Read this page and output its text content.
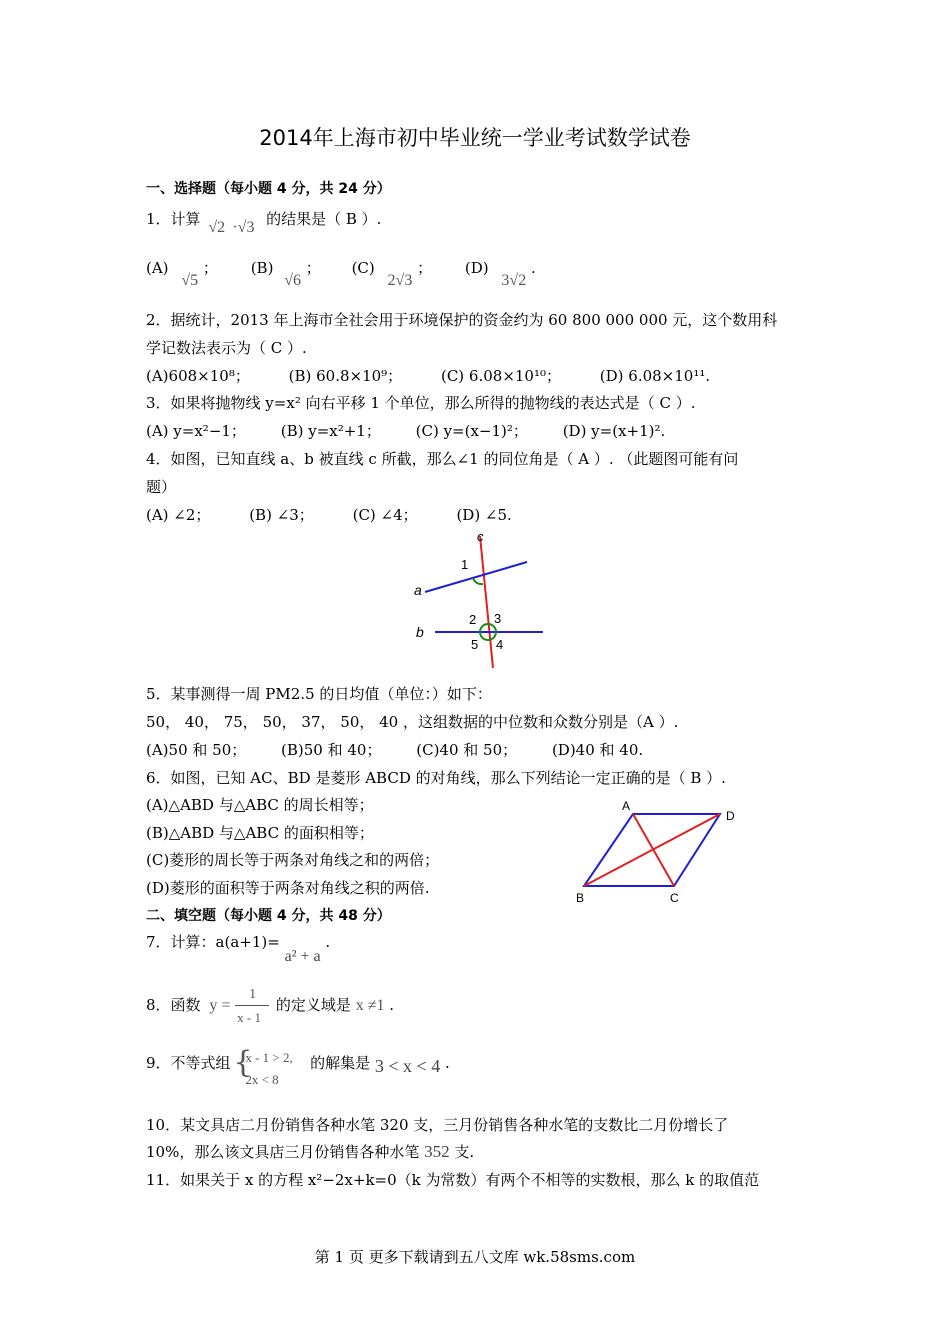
2014年上海市初中毕业统一学业考试数学试卷
一、选择题（每小题 4 分，共 24 分）
1．计算 √2 ·√3 的结果是（ B ）.
(A) √5 ； (B) √6 ； (C) 2√3 ； (D) 3√2 .
2．据统计，2013 年上海市全社会用于环境保护的资金约为 60 800 000 000 元，这个数用科
学记数法表示为（ C ）.
(A)608×10⁸；	(B) 60.8×10⁹；	(C) 6.08×10¹⁰；	(D) 6.08×10¹¹.
3．如果将抛物线 y=x² 向右平移 1 个单位，那么所得的抛物线的表达式是（ C ）.
(A) y=x²−1； (B) y=x²+1； (C) y=(x−1)²； (D) y=(x+1)².
4．如图，已知直线 a、b 被直线 c 所截，那么∠1 的同位角是（ A ）. （此题图可能有问
题）
(A) ∠2；	(B) ∠3；	(C) ∠4；	(D) ∠5.
c
a
b
1
2 3
4
5
5．某事测得一周 PM2.5 的日均值（单位：）如下：
50， 40， 75， 50， 37， 50， 40 ，这组数据的中位数和众数分别是（A ）.
(A)50 和 50； (B)50 和 40； (C)40 和 50； (D)40 和 40.
6．如图，已知 AC、BD 是菱形 ABCD 的对角线，那么下列结论一定正确的是（ B ）.
(A)△ABD 与△ABC 的周长相等；
(B)△ABD 与△ABC 的面积相等；
(C)菱形的周长等于两条对角线之和的两倍；
(D)菱形的面积等于两条对角线之积的两倍.
A
D
B	C
二、填空题（每小题 4 分，共 48 分）
7．计算：a(a+1)= a² + a .
8．函数 $y = \frac{1}{x - 1}$ 的定义域是 x ≠1 .
9．不等式组 {
x - 1 > 2,
2x < 8
的解集是 3 < x < 4 .
10．某文具店二月份销售各种水笔 320 支，三月份销售各种水笔的支数比二月份增长了
10%，那么该文具店三月份销售各种水笔 352 支.
11．如果关于 x 的方程 x²−2x+k=0（k 为常数）有两个不相等的实数根，那么 k 的取值范
第 1 页 更多下载请到五八文库 wk.58sms.com
